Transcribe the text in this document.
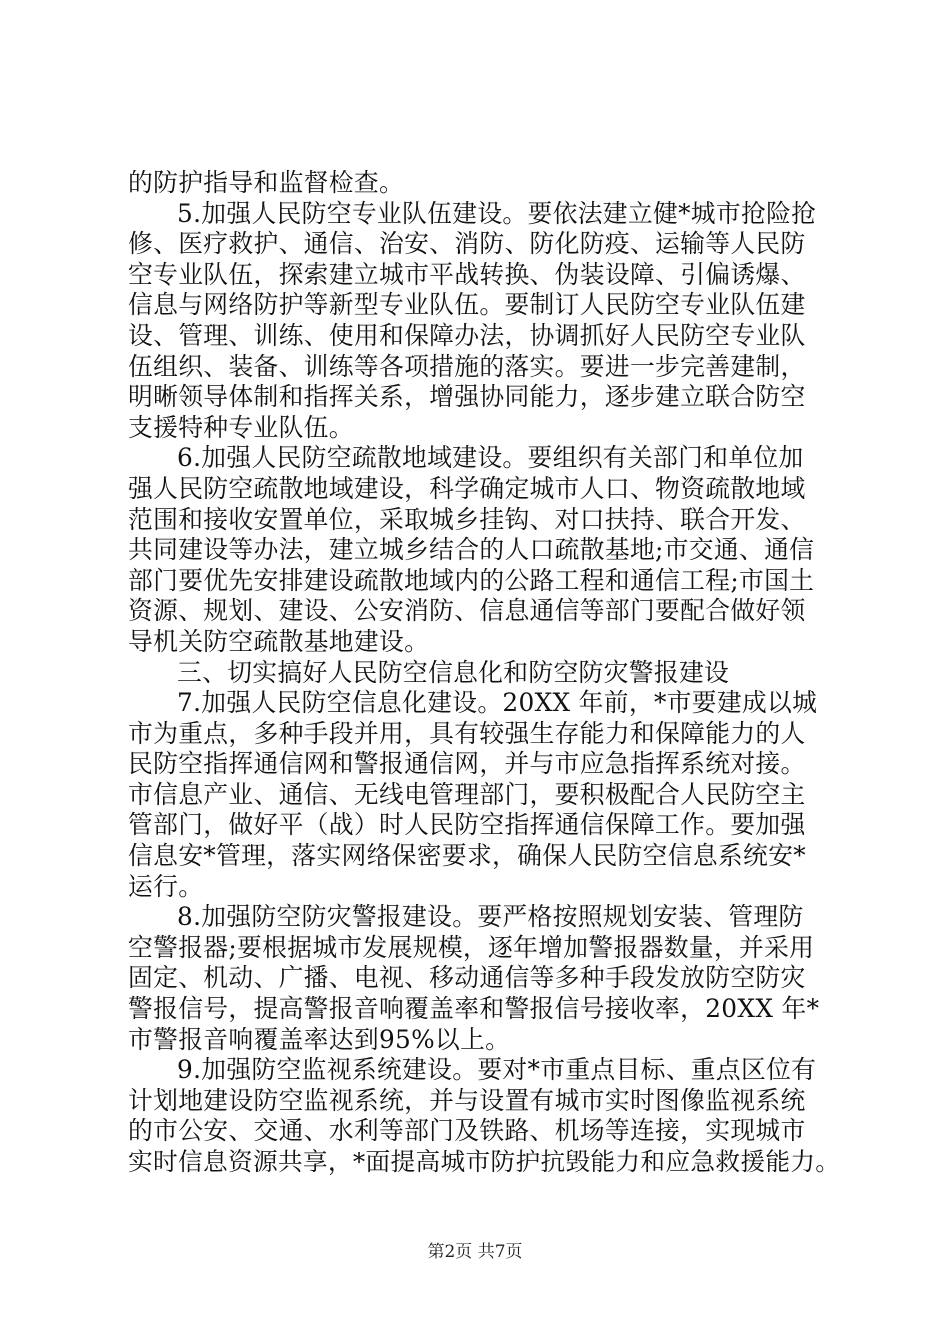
的防护指导和监督检查。
5.加强人民防空专业队伍建设。要依法建立健*城市抢险抢
修、医疗救护、通信、治安、消防、防化防疫、运输等人民防
空专业队伍，探索建立城市平战转换、伪装设障、引偏诱爆、
信息与网络防护等新型专业队伍。要制订人民防空专业队伍建
设、管理、训练、使用和保障办法，协调抓好人民防空专业队
伍组织、装备、训练等各项措施的落实。要进一步完善建制，
明晰领导体制和指挥关系，增强协同能力，逐步建立联合防空
支援特种专业队伍。
6.加强人民防空疏散地域建设。要组织有关部门和单位加
强人民防空疏散地域建设，科学确定城市人口、物资疏散地域
范围和接收安置单位，采取城乡挂钩、对口扶持、联合开发、
共同建设等办法，建立城乡结合的人口疏散基地;市交通、通信
部门要优先安排建设疏散地域内的公路工程和通信工程;市国土
资源、规划、建设、公安消防、信息通信等部门要配合做好领
导机关防空疏散基地建设。
三、切实搞好人民防空信息化和防空防灾警报建设
7.加强人民防空信息化建设。20XX 年前，*市要建成以城
市为重点，多种手段并用，具有较强生存能力和保障能力的人
民防空指挥通信网和警报通信网，并与市应急指挥系统对接。
市信息产业、通信、无线电管理部门，要积极配合人民防空主
管部门，做好平（战）时人民防空指挥通信保障工作。要加强
信息安*管理，落实网络保密要求，确保人民防空信息系统安*
运行。
8.加强防空防灾警报建设。要严格按照规划安装、管理防
空警报器;要根据城市发展规模，逐年增加警报器数量，并采用
固定、机动、广播、电视、移动通信等多种手段发放防空防灾
警报信号，提高警报音响覆盖率和警报信号接收率，20XX 年*
市警报音响覆盖率达到95%以上。
9.加强防空监视系统建设。要对*市重点目标、重点区位有
计划地建设防空监视系统，并与设置有城市实时图像监视系统
的市公安、交通、水利等部门及铁路、机场等连接，实现城市
实时信息资源共享，*面提高城市防护抗毁能力和应急救援能力。
第2页 共7页
